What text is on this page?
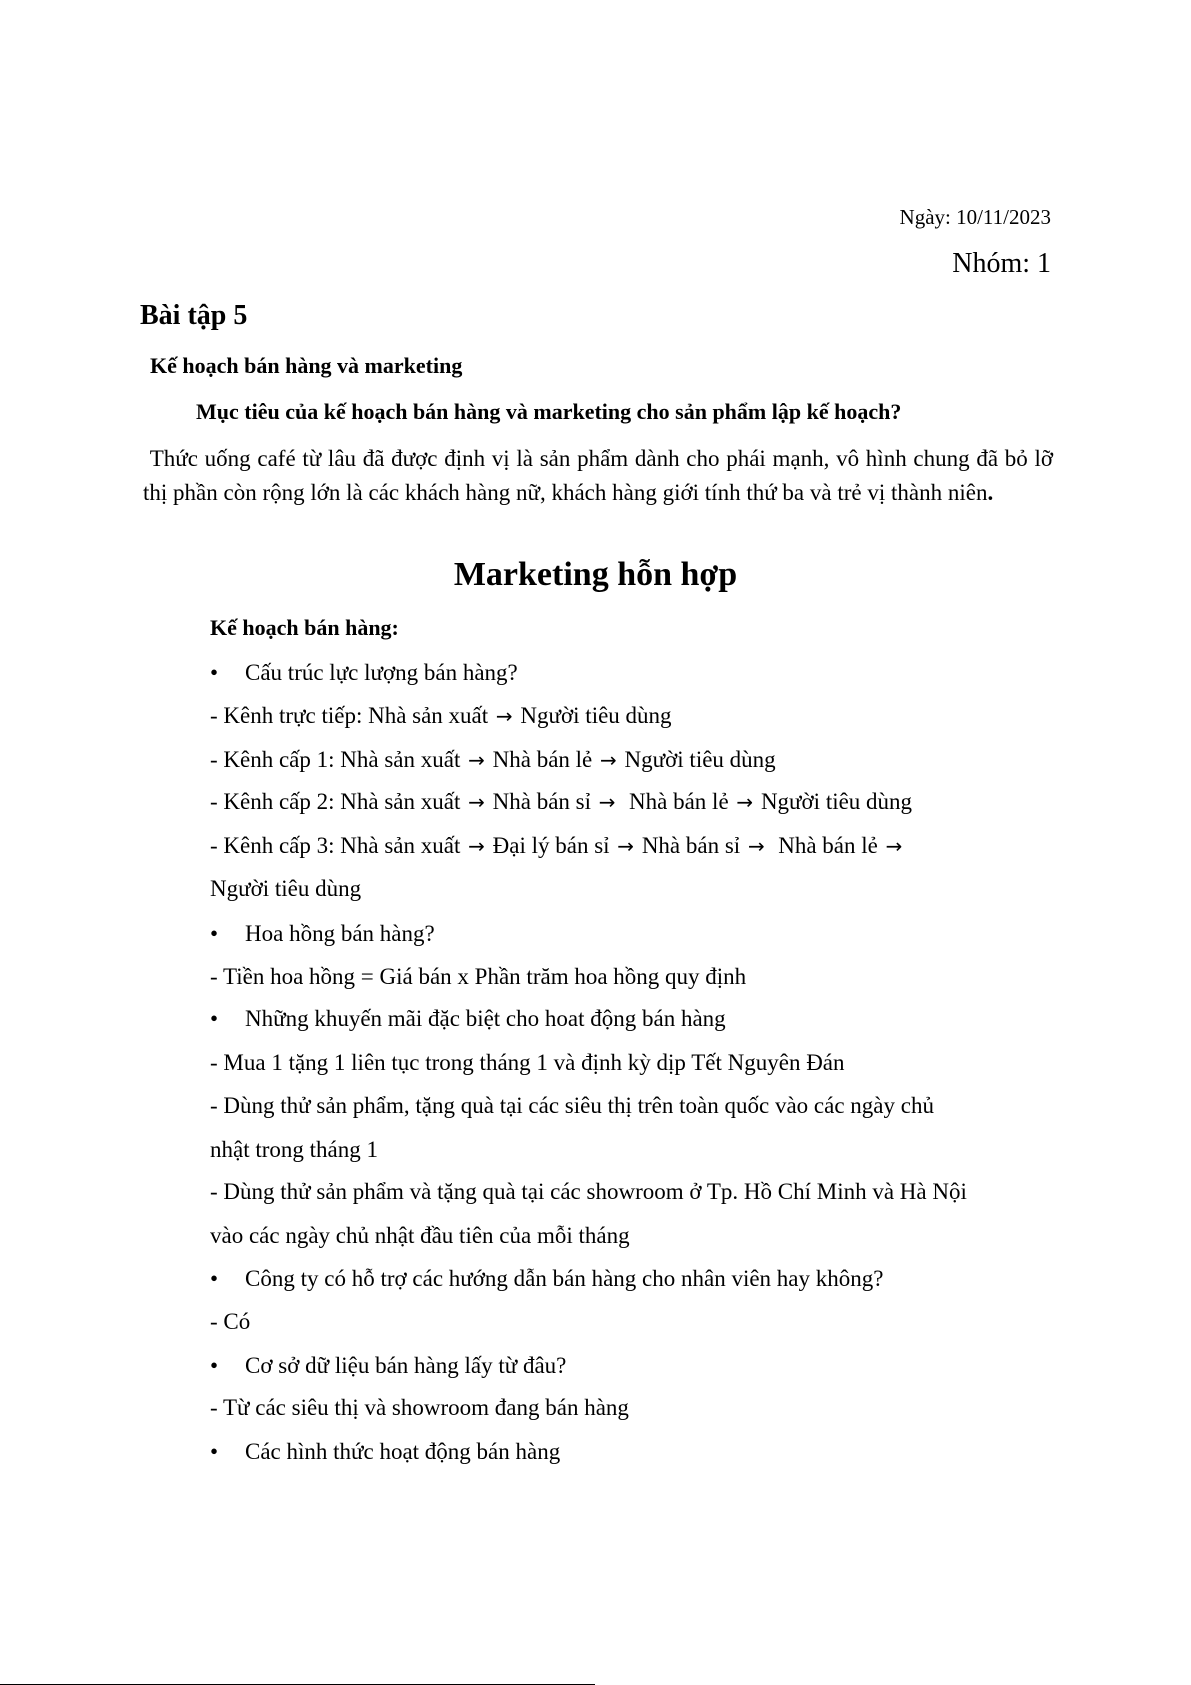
Ngày: 10/11/2023
Nhóm: 1
Bài tập 5
Kế hoạch bán hàng và marketing
Mục tiêu của kế hoạch bán hàng và marketing cho sản phẩm lập kế hoạch?
Thức uống café từ lâu đã được định vị là sản phẩm dành cho phái mạnh, vô hình chung đã bỏ lỡ thị phần còn rộng lớn là các khách hàng nữ, khách hàng giới tính thứ ba và trẻ vị thành niên.
Marketing hỗn hợp
Kế hoạch bán hàng:
• Cấu trúc lực lượng bán hàng?
- Kênh trực tiếp: Nhà sản xuất → Người tiêu dùng
- Kênh cấp 1: Nhà sản xuất → Nhà bán lẻ → Người tiêu dùng
- Kênh cấp 2: Nhà sản xuất → Nhà bán sỉ → Nhà bán lẻ → Người tiêu dùng
- Kênh cấp 3: Nhà sản xuất → Đại lý bán sỉ → Nhà bán sỉ → Nhà bán lẻ →
Người tiêu dùng
• Hoa hồng bán hàng?
- Tiền hoa hồng = Giá bán x Phần trăm hoa hồng quy định
• Những khuyến mãi đặc biệt cho hoat động bán hàng
- Mua 1 tặng 1 liên tục trong tháng 1 và định kỳ dịp Tết Nguyên Đán
- Dùng thử sản phẩm, tặng quà tại các siêu thị trên toàn quốc vào các ngày chủ
nhật trong tháng 1
- Dùng thử sản phẩm và tặng quà tại các showroom ở Tp. Hồ Chí Minh và Hà Nội
vào các ngày chủ nhật đầu tiên của mỗi tháng
• Công ty có hỗ trợ các hướng dẫn bán hàng cho nhân viên hay không?
- Có
• Cơ sở dữ liệu bán hàng lấy từ đâu?
- Từ các siêu thị và showroom đang bán hàng
• Các hình thức hoạt động bán hàng
